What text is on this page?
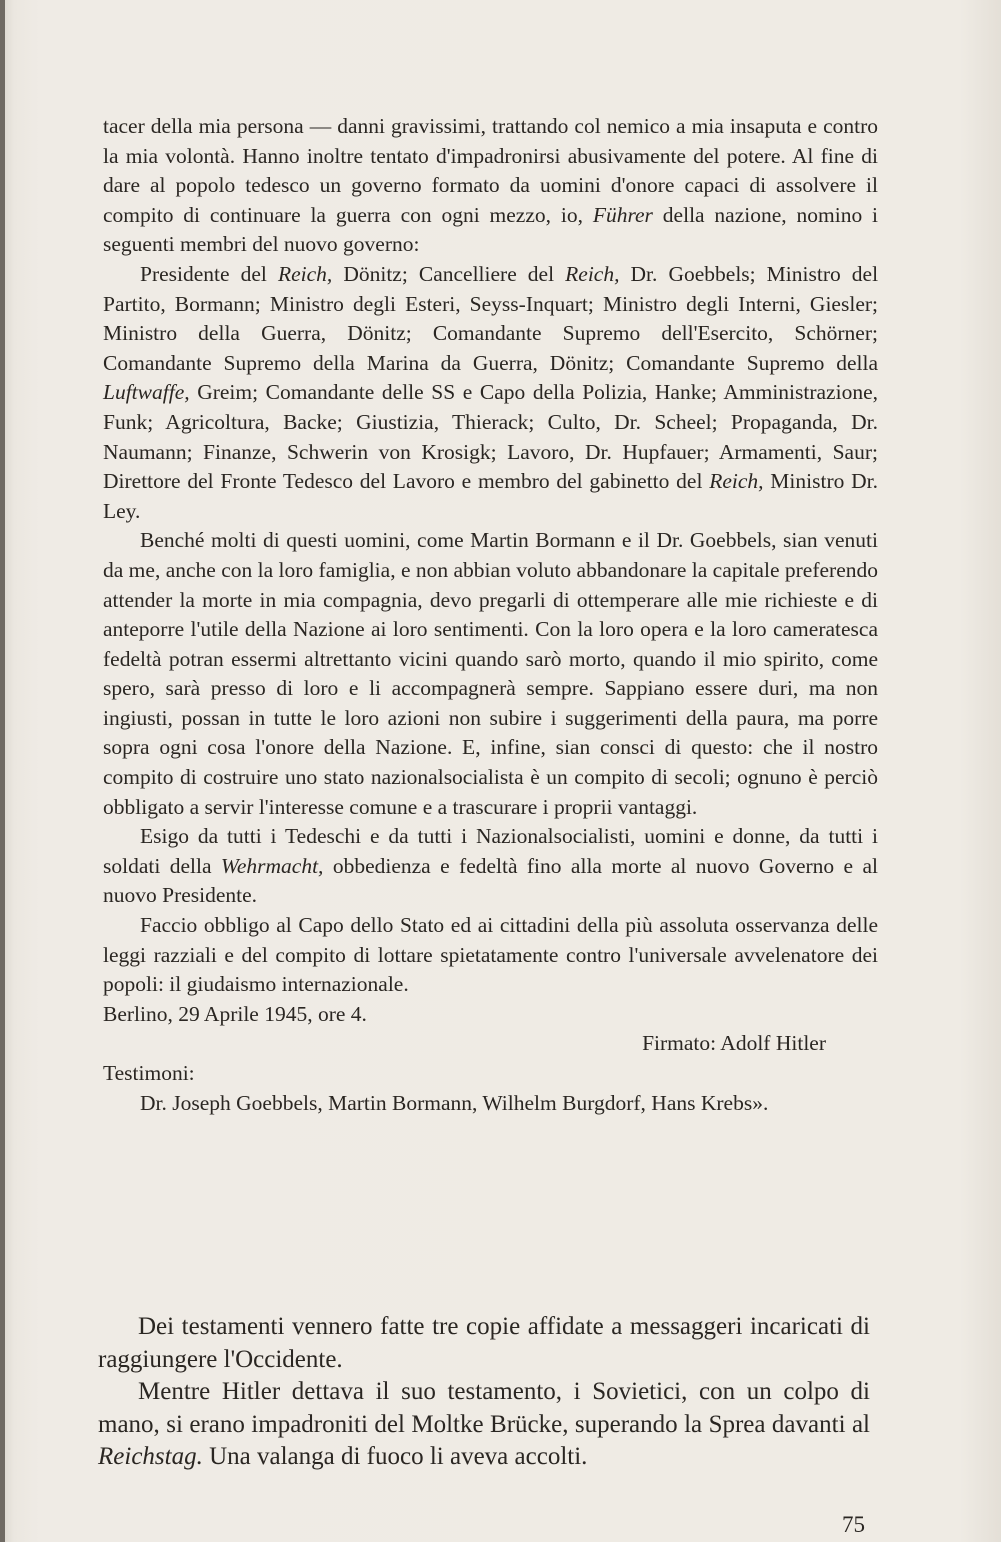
tacer della mia persona — danni gravissimi, trattando col nemico a mia insaputa e contro la mia volontà. Hanno inoltre tentato d'impadronirsi abusivamente del potere. Al fine di dare al popolo tedesco un governo formato da uomini d'onore capaci di assolvere il compito di continuare la guerra con ogni mezzo, io, Führer della nazione, nomino i seguenti membri del nuovo governo:

Presidente del Reich, Dönitz; Cancelliere del Reich, Dr. Goebbels; Ministro del Partito, Bormann; Ministro degli Esteri, Seyss-Inquart; Ministro degli Interni, Giesler; Ministro della Guerra, Dönitz; Comandante Supremo dell'Esercito, Schörner; Comandante Supremo della Marina da Guerra, Dönitz; Comandante Supremo della Luftwaffe, Greim; Comandante delle SS e Capo della Polizia, Hanke; Amministrazione, Funk; Agricoltura, Backe; Giustizia, Thierack; Culto, Dr. Scheel; Propaganda, Dr. Naumann; Finanze, Schwerin von Krosigk; Lavoro, Dr. Hupfauer; Armamenti, Saur; Direttore del Fronte Tedesco del Lavoro e membro del gabinetto del Reich, Ministro Dr. Ley.

Benché molti di questi uomini, come Martin Bormann e il Dr. Goebbels, sian venuti da me, anche con la loro famiglia, e non abbian voluto abbandonare la capitale preferendo attender la morte in mia compagnia, devo pregarli di ottemperare alle mie richieste e di anteporre l'utile della Nazione ai loro sentimenti. Con la loro opera e la loro cameratesca fedeltà potran essermi altrettanto vicini quando sarò morto, quando il mio spirito, come spero, sarà presso di loro e li accompagnerà sempre. Sappiano essere duri, ma non ingiusti, possan in tutte le loro azioni non subire i suggerimenti della paura, ma porre sopra ogni cosa l'onore della Nazione. E, infine, sian consci di questo: che il nostro compito di costruire uno stato nazionalsocialista è un compito di secoli; ognuno è perciò obbligato a servir l'interesse comune e a trascurare i proprii vantaggi.

Esigo da tutti i Tedeschi e da tutti i Nazionalsocialisti, uomini e donne, da tutti i soldati della Wehrmacht, obbedienza e fedeltà fino alla morte al nuovo Governo e al nuovo Presidente.

Faccio obbligo al Capo dello Stato ed ai cittadini della più assoluta osservanza delle leggi razziali e del compito di lottare spietatamente contro l'universale avvelenatore dei popoli: il giudaismo internazionale.

Berlino, 29 Aprile 1945, ore 4.

Firmato: Adolf Hitler

Testimoni:

Dr. Joseph Goebbels, Martin Bormann, Wilhelm Burgdorf, Hans Krebs».

Dei testamenti vennero fatte tre copie affidate a messaggeri incaricati di raggiungere l'Occidente.

Mentre Hitler dettava il suo testamento, i Sovietici, con un colpo di mano, si erano impadroniti del Moltke Brücke, superando la Sprea davanti al Reichstag. Una valanga di fuoco li aveva accolti.

75
